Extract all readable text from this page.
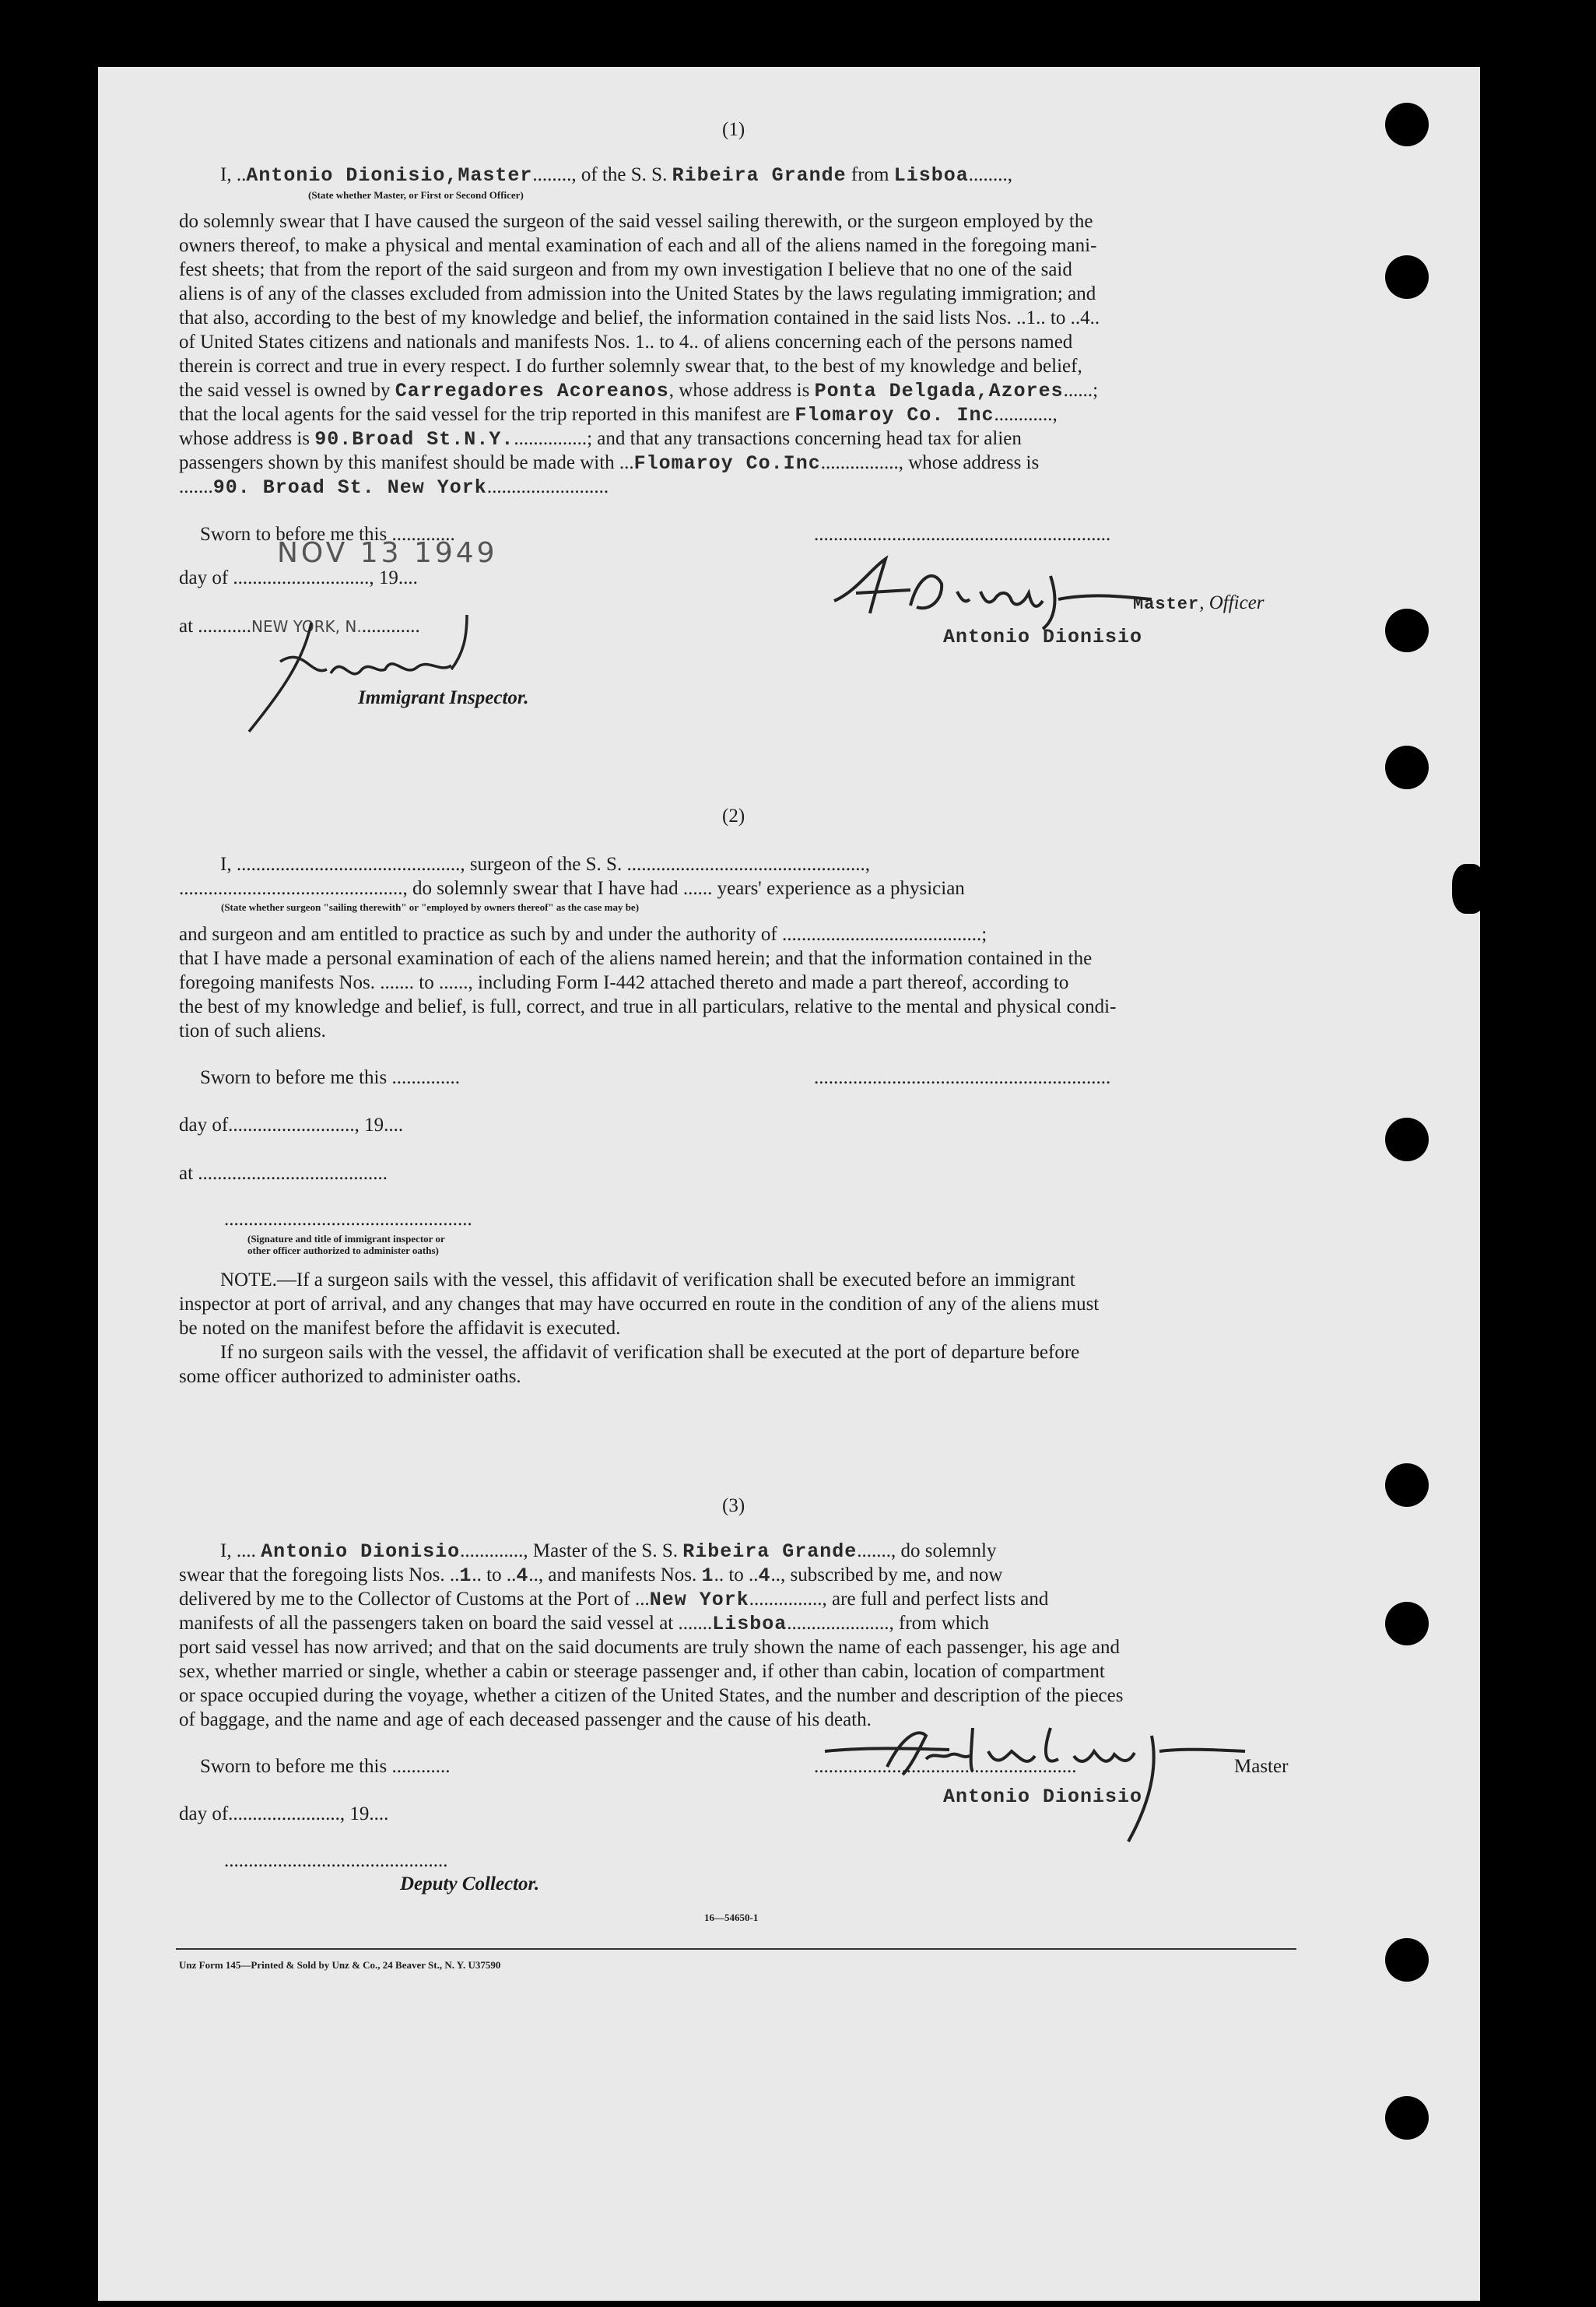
(1)
I, ..Antonio Dionisio,Master........, of the S. S. Ribeira Grande from Lisboa........,
(State whether Master, or First or Second Officer)
do solemnly swear that I have caused the surgeon of the said vessel sailing therewith, or the surgeon employed by the
owners thereof, to make a physical and mental examination of each and all of the aliens named in the foregoing mani-
fest sheets; that from the report of the said surgeon and from my own investigation I believe that no one of the said
aliens is of any of the classes excluded from admission into the United States by the laws regulating immigration; and
that also, according to the best of my knowledge and belief, the information contained in the said lists Nos. ..1.. to ..4..
of United States citizens and nationals and manifests Nos. 1.. to 4.. of aliens concerning each of the persons named
therein is correct and true in every respect. I do further solemnly swear that, to the best of my knowledge and belief,
the said vessel is owned by Carregadores Acoreanos, whose address is Ponta Delgada,Azores......;
that the local agents for the said vessel for the trip reported in this manifest are Flomaroy Co. Inc............,
whose address is 90.Broad St.N.Y................; and that any transactions concerning head tax for alien
passengers shown by this manifest should be made with ...Flomaroy Co.Inc................, whose address is
.......90. Broad St. New York.........................
Sworn to before me this .............
NOV 13 1949
day of ............................, 19....
at ...........NEW YORK, N.............
Immigrant Inspector.
.............................................................
Master, Officer
Antonio Dionisio
(2)
I, .............................................., surgeon of the S. S. .................................................,
.............................................., do solemnly swear that I have had ...... years' experience as a physician
(State whether surgeon "sailing therewith" or "employed by owners thereof" as the case may be)
and surgeon and am entitled to practice as such by and under the authority of .........................................;
that I have made a personal examination of each of the aliens named herein; and that the information contained in the
foregoing manifests Nos. ....... to ......, including Form I-442 attached thereto and made a part thereof, according to
the best of my knowledge and belief, is full, correct, and true in all particulars, relative to the mental and physical condi-
tion of such aliens.
Sworn to before me this ..............	.............................................................
day of.........................., 19....
at .......................................
...................................................
(Signature and title of immigrant inspector or
other officer authorized to administer oaths)
NOTE.—If a surgeon sails with the vessel, this affidavit of verification shall be executed before an immigrant
inspector at port of arrival, and any changes that may have occurred en route in the condition of any of the aliens must
be noted on the manifest before the affidavit is executed.
If no surgeon sails with the vessel, the affidavit of verification shall be executed at the port of departure before
some officer authorized to administer oaths.
(3)
I, .... Antonio Dionisio............., Master of the S. S. Ribeira Grande......., do solemnly
swear that the foregoing lists Nos. ..1.. to ..4.., and manifests Nos. 1.. to ..4.., subscribed by me, and now
delivered by me to the Collector of Customs at the Port of ...New York..............., are full and perfect lists and
manifests of all the passengers taken on board the said vessel at .......Lisboa....................., from which
port said vessel has now arrived; and that on the said documents are truly shown the name of each passenger, his age and
sex, whether married or single, whether a cabin or steerage passenger and, if other than cabin, location of compartment
or space occupied during the voyage, whether a citizen of the United States, and the number and description of the pieces
of baggage, and the name and age of each deceased passenger and the cause of his death.
Sworn to before me this ............
day of......................., 19....
..............................................
Deputy Collector.
......................................................	Master
Antonio Dionisio
16—54650-1
Unz Form 145—Printed & Sold by Unz & Co., 24 Beaver St., N. Y. U37590
